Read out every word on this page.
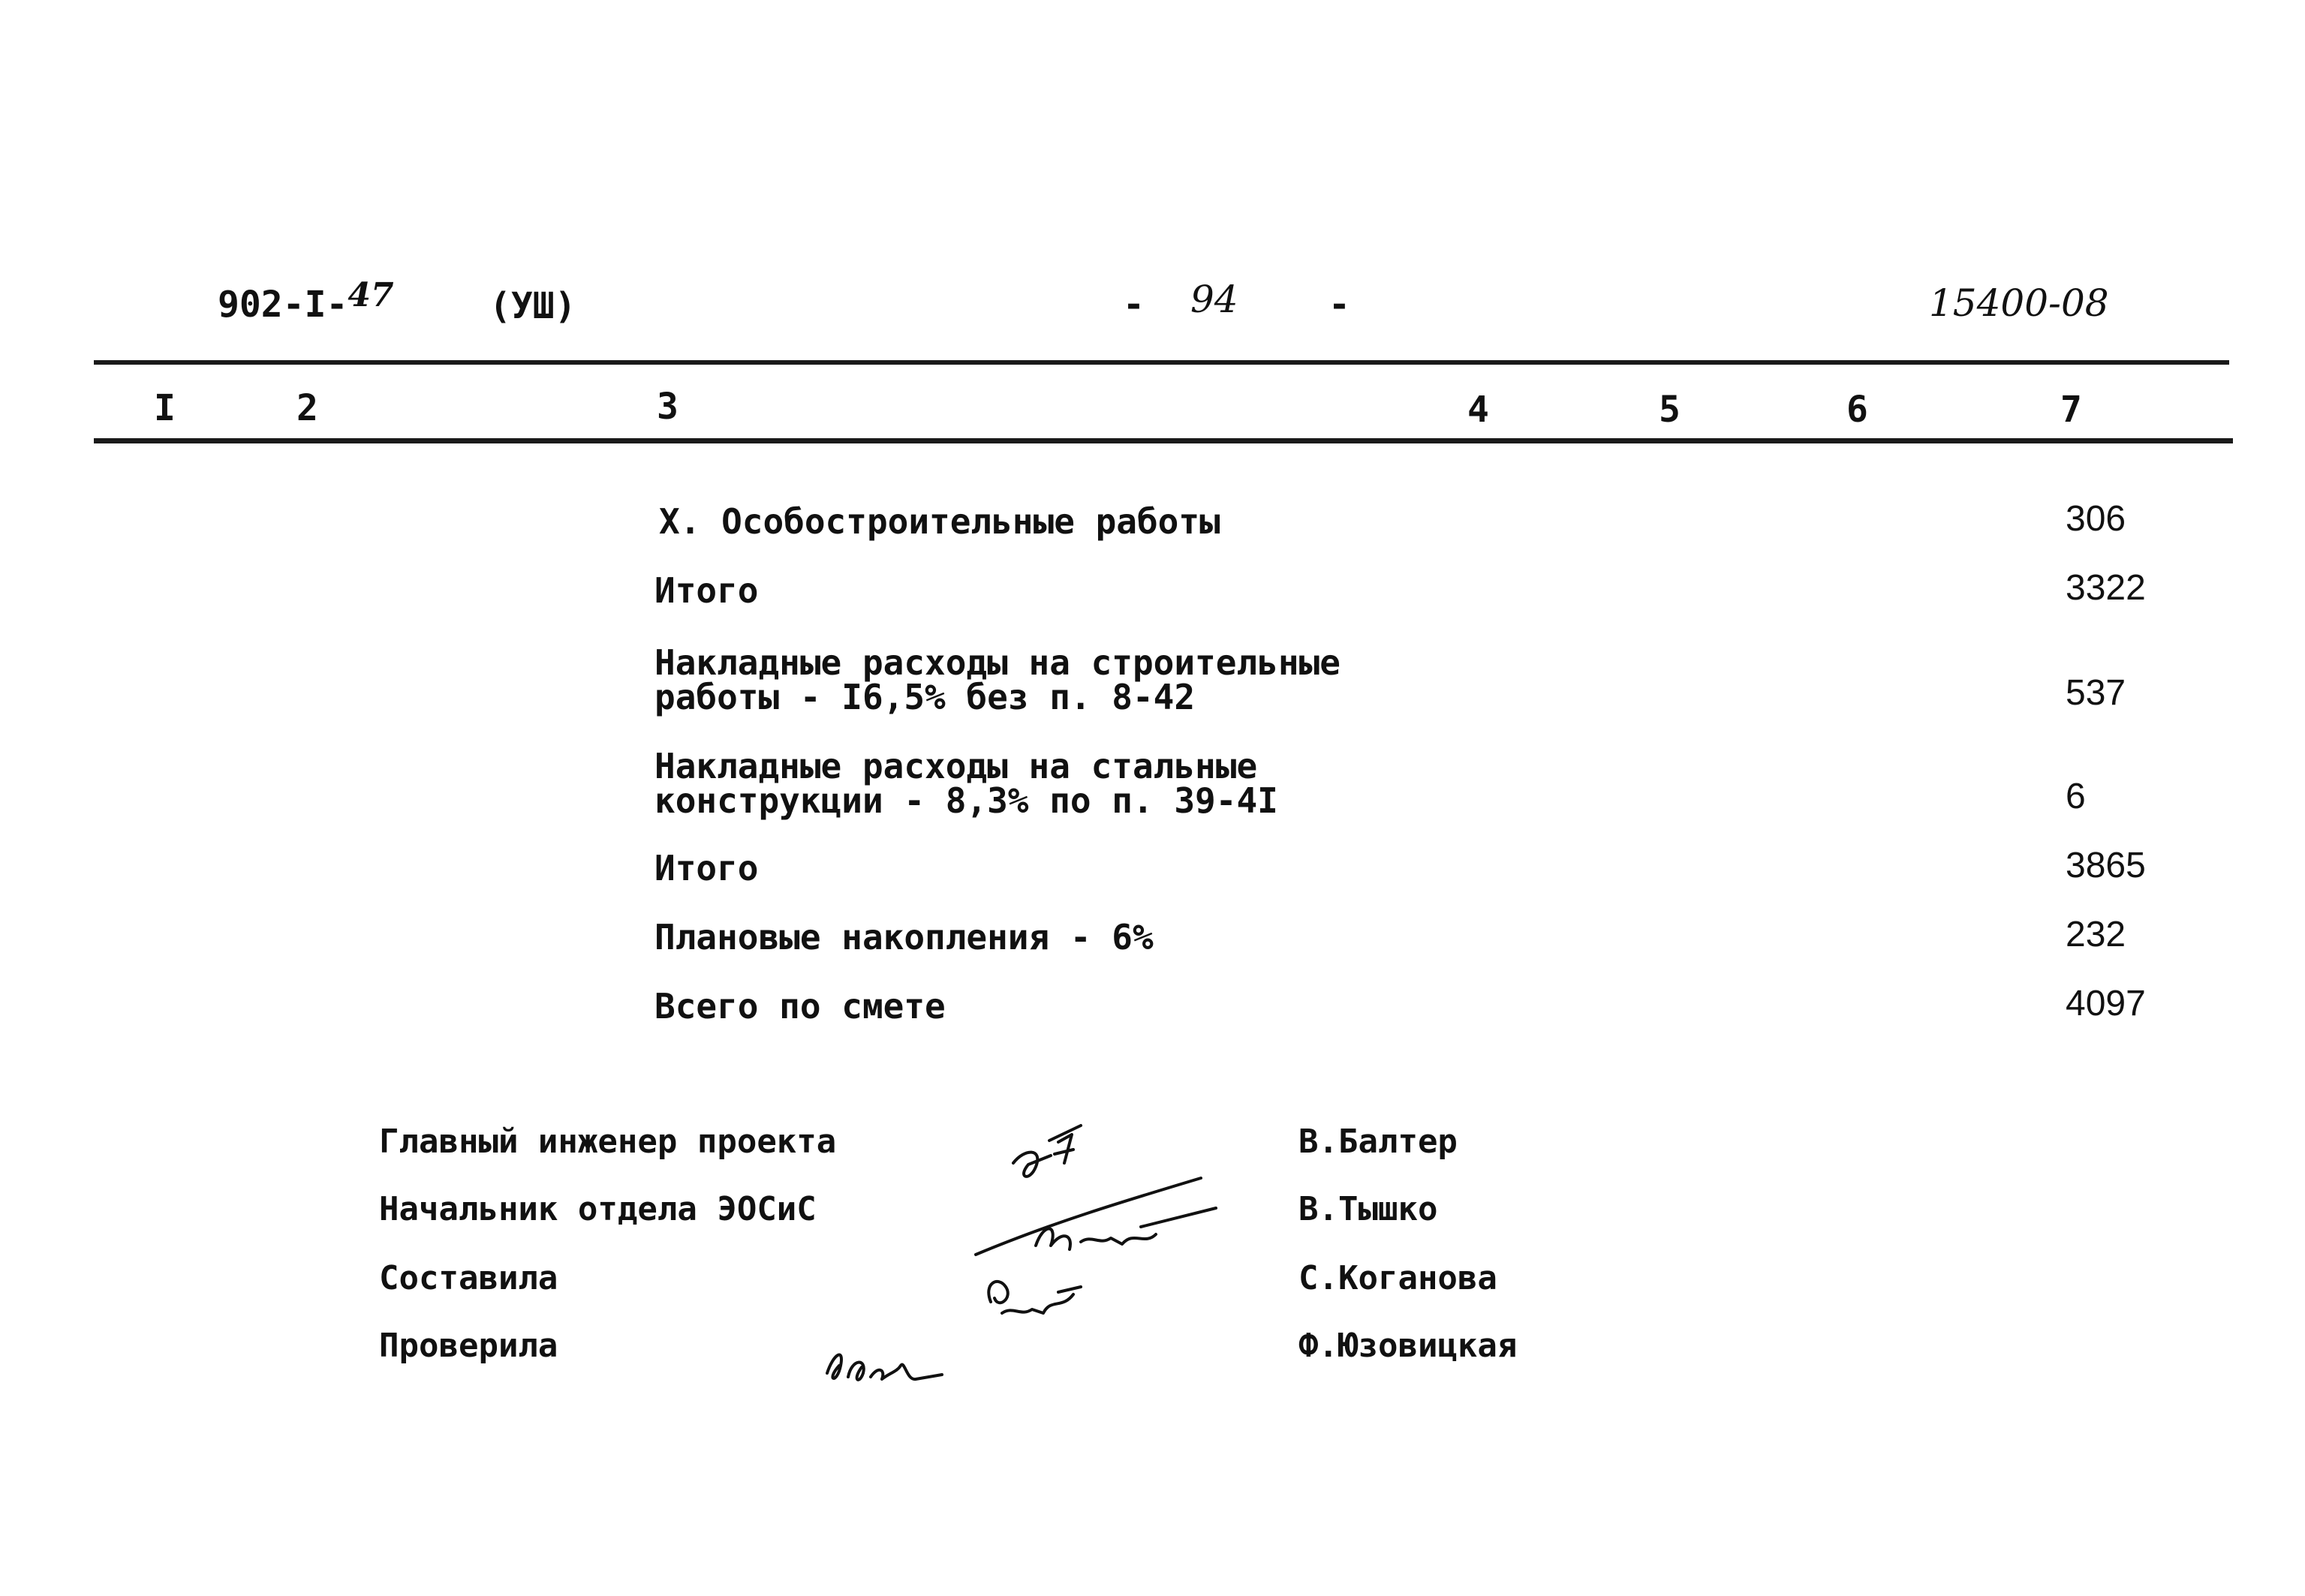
902-I-47	(УШ)	- 94	-	15400-08
I	2	3	4	5	6	7
X. Особостроительные работы	306
Итого	3322
Накладные расходы на строительные
работы - I6,5% без п. 8-42	537
Накладные расходы на стальные
конструкции - 8,3% по п. 39-4I	6
Итого	3865
Плановые накопления - 6%	232
Всего по смете	4097
Главный инженер проекта	В.Балтер
Начальник отдела ЭОСиС	В.Тышко
Составила	С.Коганова
Проверила	Ф.Юзовицкая
